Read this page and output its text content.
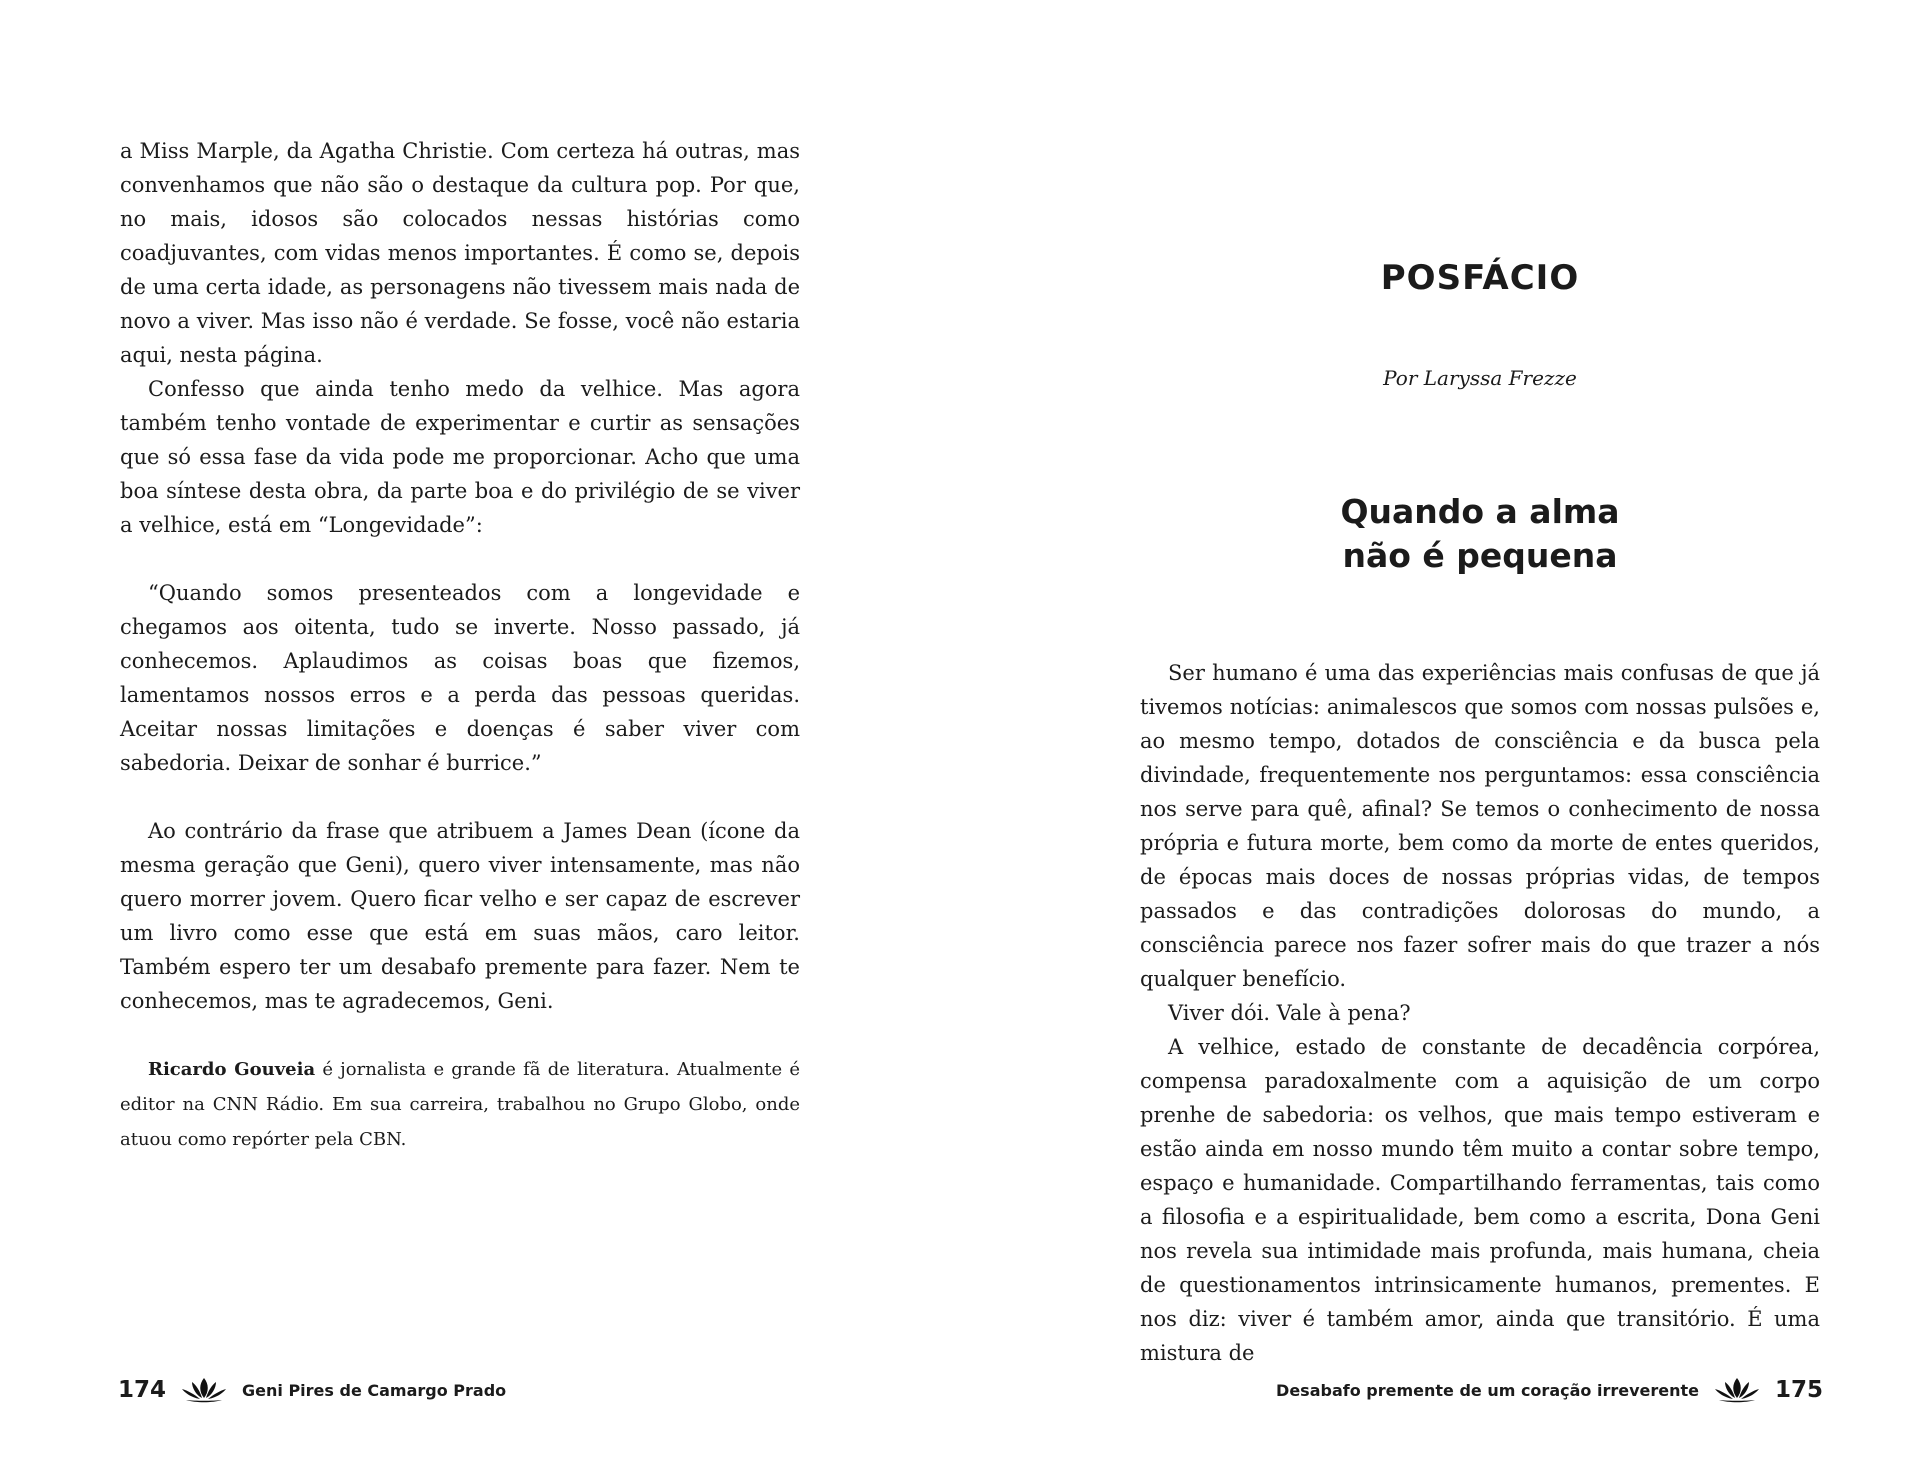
a Miss Marple, da Agatha Christie. Com certeza há outras, mas convenhamos que não são o destaque da cultura pop. Por que, no mais, idosos são colocados nessas histórias como coadjuvantes, com vidas menos importantes. É como se, depois de uma certa idade, as personagens não tivessem mais nada de novo a viver. Mas isso não é verdade. Se fosse, você não estaria aqui, nesta página.

Confesso que ainda tenho medo da velhice. Mas agora também tenho vontade de experimentar e curtir as sensações que só essa fase da vida pode me proporcionar. Acho que uma boa síntese desta obra, da parte boa e do privilégio de se viver a velhice, está em “Longevidade”:

“Quando somos presenteados com a longevidade e chegamos aos oitenta, tudo se inverte. Nosso passado, já conhecemos. Aplaudimos as coisas boas que fizemos, lamentamos nossos erros e a perda das pessoas queridas. Aceitar nossas limitações e doenças é saber viver com sabedoria. Deixar de sonhar é burrice.”

Ao contrário da frase que atribuem a James Dean (ícone da mesma geração que Geni), quero viver intensamente, mas não quero morrer jovem. Quero ficar velho e ser capaz de escrever um livro como esse que está em suas mãos, caro leitor. Também espero ter um desabafo premente para fazer. Nem te conhecemos, mas te agradecemos, Geni.

Ricardo Gouveia é jornalista e grande fã de literatura. Atualmente é editor na CNN Rádio. Em sua carreira, trabalhou no Grupo Globo, onde atuou como repórter pela CBN.

174	Geni Pires de Camargo Prado
POSFÁCIO
Por Laryssa Frezze
Quando a alma
não é pequena

Ser humano é uma das experiências mais confusas de que já tivemos notícias: animalescos que somos com nossas pulsões e, ao mesmo tempo, dotados de consciência e da busca pela divindade, frequentemente nos perguntamos: essa consciência nos serve para quê, afinal? Se temos o conhecimento de nossa própria e futura morte, bem como da morte de entes queridos, de épocas mais doces de nossas próprias vidas, de tempos passados e das contradições dolorosas do mundo, a consciência parece nos fazer sofrer mais do que trazer a nós qualquer benefício.

Viver dói. Vale à pena?

A velhice, estado de constante de decadência corpórea, compensa paradoxalmente com a aquisição de um corpo prenhe de sabedoria: os velhos, que mais tempo estiveram e estão ainda em nosso mundo têm muito a contar sobre tempo, espaço e humanidade. Compartilhando ferramentas, tais como a filosofia e a espiritualidade, bem como a escrita, Dona Geni nos revela sua intimidade mais profunda, mais humana, cheia de questionamentos intrinsicamente humanos, prementes. E nos diz: viver é também amor, ainda que transitório. É uma mistura de

Desabafo premente de um coração irreverente	175
